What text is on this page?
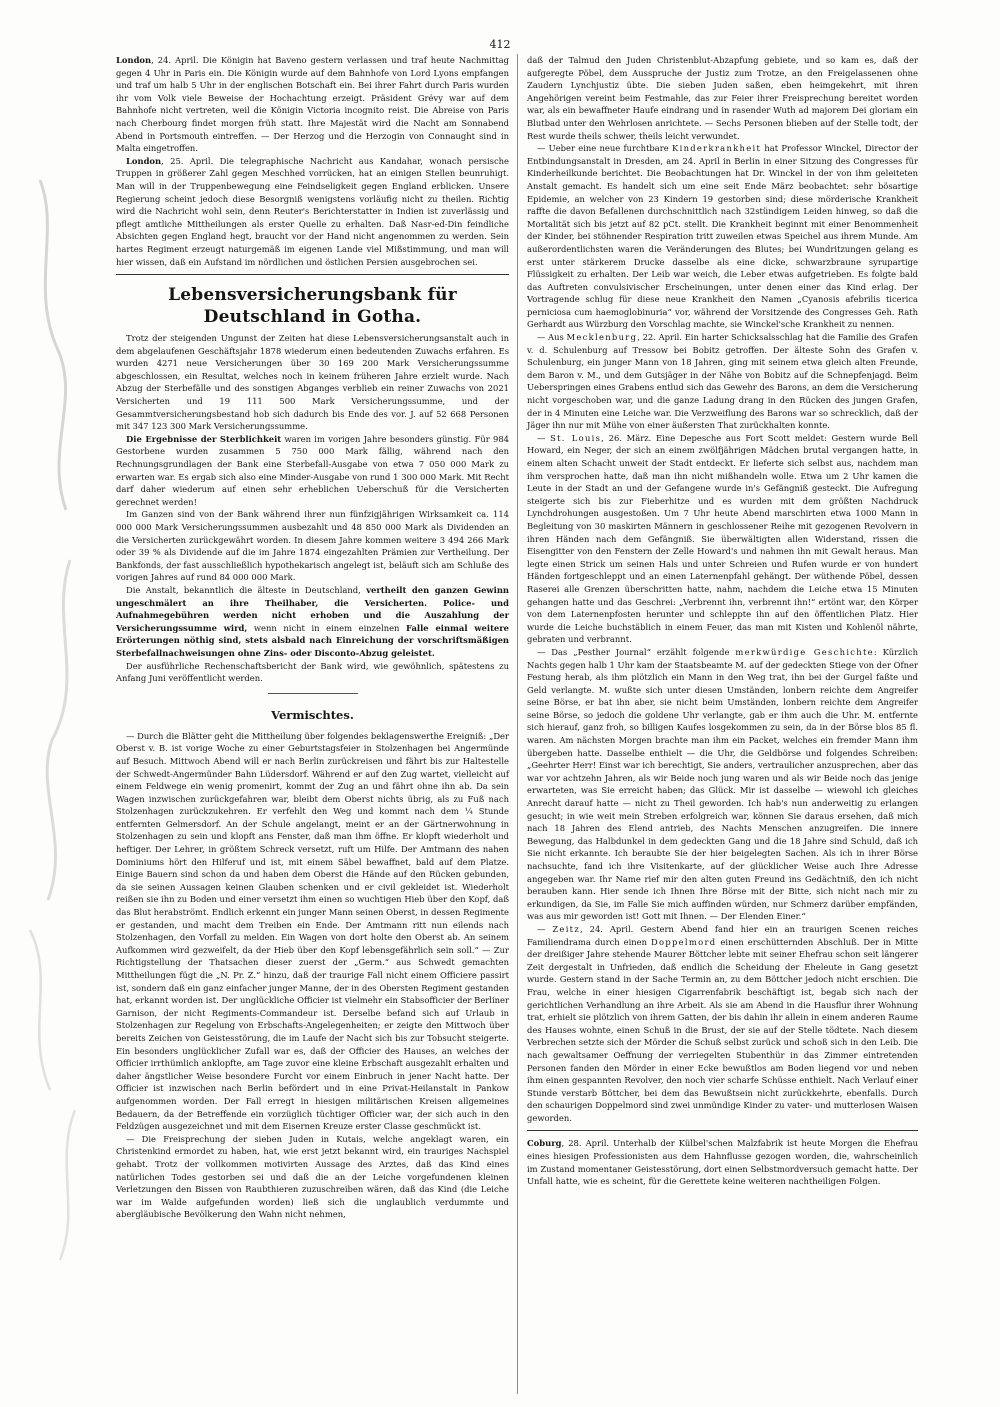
412

London, 24. April. Die Königin hat Baveno gestern verlassen und traf heute Nachmittag gegen 4 Uhr in Paris ein. Die Königin wurde auf dem Bahnhofe von Lord Lyons empfangen und traf um halb 5 Uhr in der englischen Botschaft ein. Bei ihrer Fahrt durch Paris wurden ihr vom Volk viele Beweise der Hochachtung erzeigt. Präsident Grévy war auf dem Bahnhofe nicht vertreten, weil die Königin Victoria incognito reist. Die Abreise von Paris nach Cherbourg findet morgen früh statt. Ihre Majestät wird die Nacht am Sonnabend Abend in Portsmouth eintreffen. — Der Herzog und die Herzogin von Connaught sind in Malta eingetroffen.

London, 25. April. Die telegraphische Nachricht aus Kandahar, wonach persische Truppen in größerer Zahl gegen Meschhed vorrücken, hat an einigen Stellen beunruhigt. Man will in der Truppenbewegung eine Feindseligkeit gegen England erblicken. Unsere Regierung scheint jedoch diese Besorgniß wenigstens vorläufig nicht zu theilen. Richtig wird die Nachricht wohl sein, denn Reuter's Berichterstatter in Indien ist zuverlässig und pflegt amtliche Mittheilungen als erster Quelle zu erhalten. Daß Nasr-ed-Din feindliche Absichten gegen England hegt, braucht vor der Hand nicht angenommen zu werden. Sein hartes Regiment erzeugt naturgemäß im eigenen Lande viel Mißstimmung, und man will hier wissen, daß ein Aufstand im nördlichen und östlichen Persien ausgebrochen sei.

Lebensversicherungsbank für Deutschland in Gotha.

Trotz der steigenden Ungunst der Zeiten hat diese Lebensversicherungsanstalt auch in dem abgelaufenen Geschäftsjahr 1878 wiederum einen bedeutenden Zuwachs erfahren. Es wurden 4271 neue Versicherungen über 30 169 200 Mark Versicherungssumme abgeschlossen, ein Resultat, welches noch in keinem früheren Jahre erzielt wurde. Nach Abzug der Sterbefälle und des sonstigen Abganges verblieb ein reiner Zuwachs von 2021 Versicherten und 19 111 500 Mark Versicherungssumme, und der Gesammtversicherungsbestand hob sich dadurch bis Ende des vor. J. auf 52 668 Personen mit 347 123 300 Mark Versicherungssumme.

Die Ergebnisse der Sterblichkeit waren im vorigen Jahre besonders günstig. Für 984 Gestorbene wurden zusammen 5 750 000 Mark fällig, während nach den Rechnungsgrundlagen der Bank eine Sterbefall-Ausgabe von etwa 7 050 000 Mark zu erwarten war. Es ergab sich also eine Minder-Ausgabe von rund 1 300 000 Mark. Mit Recht darf daher wiederum auf einen sehr erheblichen Ueberschuß für die Versicherten gerechnet werden!

Im Ganzen sind von der Bank während ihrer nun fünfzigjährigen Wirksamkeit ca. 114 000 000 Mark Versicherungssummen ausbezahlt und 48 850 000 Mark als Dividenden an die Versicherten zurückgewährt worden. In diesem Jahre kommen weitere 3 494 266 Mark oder 39 % als Dividende auf die im Jahre 1874 eingezahlten Prämien zur Vertheilung. Der Bankfonds, der fast ausschließlich hypothekarisch angelegt ist, beläuft sich am Schluße des vorigen Jahres auf rund 84 000 000 Mark.

Die Anstalt, bekanntlich die älteste in Deutschland, vertheilt den ganzen Gewinn ungeschmälert an ihre Theilhaber, die Versicherten. Police- und Aufnahmegebühren werden nicht erhoben und die Auszahlung der Versicherungssumme wird, wenn nicht in einem einzelnen Falle einmal weitere Erörterungen nöthig sind, stets alsbald nach Einreichung der vorschriftsmäßigen Sterbefallnachweisungen ohne Zins- oder Disconto-Abzug geleistet.

Der ausführliche Rechenschaftsbericht der Bank wird, wie gewöhnlich, spätestens zu Anfang Juni veröffentlicht werden.

Vermischtes.

— Durch die Blätter geht die Mittheilung über folgendes beklagenswerthe Ereigniß: „Der Oberst v. B. ist vorige Woche zu einer Geburtstagsfeier in Stolzenhagen bei Angermünde auf Besuch. Mittwoch Abend will er nach Berlin zurückreisen und fährt bis zur Haltestelle der Schwedt-Angermünder Bahn Lüdersdorf. Während er auf den Zug wartet, vielleicht auf einem Feldwege ein wenig promenirt, kommt der Zug an und fährt ohne ihn ab. Da sein Wagen inzwischen zurückgefahren war, bleibt dem Oberst nichts übrig, als zu Fuß nach Stolzenhagen zurückzukehren. Er verfehlt den Weg und kommt nach dem ¼ Stunde entfernten Gelmersdorf. An der Schule angelangt, meint er an der Gärtnerwohnung in Stolzenhagen zu sein und klopft ans Fenster, daß man ihm öffne. Er klopft wiederholt und heftiger. Der Lehrer, in größtem Schreck versetzt, ruft um Hilfe. Der Amtmann des nahen Dominiums hört den Hilferuf und ist, mit einem Säbel bewaffnet, bald auf dem Platze. Einige Bauern sind schon da und haben dem Oberst die Hände auf den Rücken gebunden, da sie seinen Aussagen keinen Glauben schenken und er civil gekleidet ist. Wiederholt reißen sie ihn zu Boden und einer versetzt ihm einen so wuchtigen Hieb über den Kopf, daß das Blut herabströmt. Endlich erkennt ein junger Mann seinen Oberst, in dessen Regimente er gestanden, und macht dem Treiben ein Ende. Der Amtmann ritt nun eilends nach Stolzenhagen, den Vorfall zu melden. Ein Wagen von dort holte den Oberst ab. An seinem Aufkommen wird gezweifelt, da der Hieb über den Kopf lebensgefährlich sein soll.“ — Zur Richtigstellung der Thatsachen dieser zuerst der „Germ.“ aus Schwedt gemachten Mittheilungen fügt die „N. Pr. Z.“ hinzu, daß der traurige Fall nicht einem Officiere passirt ist, sondern daß ein ganz einfacher junger Manne, der in des Obersten Regiment gestanden hat, erkannt worden ist. Der unglückliche Officier ist vielmehr ein Stabsofficier der Berliner Garnison, der nicht Regiments-Commandeur ist. Derselbe befand sich auf Urlaub in Stolzenhagen zur Regelung von Erbschafts-Angelegenheiten; er zeigte den Mittwoch über bereits Zeichen von Geistesstörung, die im Laufe der Nacht sich bis zur Tobsucht steigerte. Ein besonders unglücklicher Zufall war es, daß der Officier des Hauses, an welches der Officier irrthümlich anklopfte, am Tage zuvor eine kleine Erbschaft ausgezahlt erhalten und daher ängstlicher Weise besondere Furcht vor einem Einbruch in jener Nacht hatte. Der Officier ist inzwischen nach Berlin befördert und in eine Privat-Heilanstalt in Pankow aufgenommen worden. Der Fall erregt in hiesigen militärischen Kreisen allgemeines Bedauern, da der Betreffende ein vorzüglich tüchtiger Officier war, der sich auch in den Feldzügen ausgezeichnet und mit dem Eisernen Kreuze erster Classe geschmückt ist.

— Die Freisprechung der sieben Juden in Kutais, welche angeklagt waren, ein Christenkind ermordet zu haben, hat, wie erst jetzt bekannt wird, ein trauriges Nachspiel gehabt. Trotz der vollkommen motivirten Aussage des Arztes, daß das Kind eines natürlichen Todes gestorben sei und daß die an der Leiche vorgefundenen kleinen Verletzungen den Bissen von Raubthieren zuzuschreiben wären, daß das Kind (die Leiche war im Walde aufgefunden worden) ließ sich die unglaublich verdummte und abergläubische Bevölkerung den Wahn nicht nehmen,

daß der Talmud den Juden Christenblut-Abzapfung gebiete, und so kam es, daß der aufgeregte Pöbel, dem Ausspruche der Justiz zum Trotze, an den Freigelassenen ohne Zaudern Lynchjustiz übte. Die sieben Juden saßen, eben heimgekehrt, mit ihren Angehörigen vereint beim Festmahle, das zur Feier ihrer Freisprechung bereitet worden war, als ein bewaffneter Haufe eindrang und in rasender Wuth ad majorem Dei gloriam ein Blutbad unter den Wehrlosen anrichtete. — Sechs Personen blieben auf der Stelle todt, der Rest wurde theils schwer, theils leicht verwundet.

— Ueber eine neue furchtbare Kinderkrankheit hat Professor Winckel, Director der Entbindungsanstalt in Dresden, am 24. April in Berlin in einer Sitzung des Congresses für Kinderheilkunde berichtet. Die Beobachtungen hat Dr. Winckel in der von ihm geleiteten Anstalt gemacht. Es handelt sich um eine seit Ende März beobachtet: sehr bösartige Epidemie, an welcher von 23 Kindern 19 gestorben sind; diese mörderische Krankheit raffte die davon Befallenen durchschnittlich nach 32stündigem Leiden hinweg, so daß die Mortalität sich bis jetzt auf 82 pCt. stellt. Die Krankheit beginnt mit einer Benommenheit der Kinder, bei stöhnender Respiration tritt zuweilen etwas Speichel aus ihrem Munde. Am außerordentlichsten waren die Veränderungen des Blutes; bei Wundritzungen gelang es erst unter stärkerem Drucke dasselbe als eine dicke, schwarzbraune syrupartige Flüssigkeit zu erhalten. Der Leib war weich, die Leber etwas aufgetrieben. Es folgte bald das Auftreten convulsivischer Erscheinungen, unter denen einer das Kind erlag. Der Vortragende schlug für diese neue Krankheit den Namen „Cyanosis afebrilis ticerica perniciosa cum haemoglobinuria“ vor, während der Vorsitzende des Congresses Geh. Rath Gerhardt aus Würzburg den Vorschlag machte, sie Winckel'sche Krankheit zu nennen.

— Aus Mecklenburg, 22. April. Ein harter Schicksalsschlag hat die Familie des Grafen v. d. Schulenburg auf Tressow bei Bobitz getroffen. Der älteste Sohn des Grafen v. Schulenburg, ein junger Mann von 18 Jahren, ging mit seinem etwa gleich alten Freunde, dem Baron v. M., und dem Gutsjäger in der Nähe von Bobitz auf die Schnepfenjagd. Beim Ueberspringen eines Grabens entlud sich das Gewehr des Barons, an dem die Versicherung nicht vorgeschoben war, und die ganze Ladung drang in den Rücken des jungen Grafen, der in 4 Minuten eine Leiche war. Die Verzweiflung des Barons war so schrecklich, daß der Jäger ihn nur mit Mühe von einer äußersten That zurückhalten konnte.

— St. Louis, 26. März. Eine Depesche aus Fort Scott meldet: Gestern wurde Bell Howard, ein Neger, der sich an einem zwölfjährigen Mädchen brutal vergangen hatte, in einem alten Schacht unweit der Stadt entdeckt. Er lieferte sich selbst aus, nachdem man ihm versprochen hatte, daß man ihn nicht mißhandeln wolle. Etwa um 2 Uhr kamen die Leute in der Stadt an und der Gefangene wurde in's Gefängniß gesteckt. Die Aufregung steigerte sich bis zur Fieberhitze und es wurden mit dem größten Nachdruck Lynchdrohungen ausgestoßen. Um 7 Uhr heute Abend marschirten etwa 1000 Mann in Begleitung von 30 maskirten Männern in geschlossener Reihe mit gezogenen Revolvern in ihren Händen nach dem Gefängniß. Sie überwältigten allen Widerstand, rissen die Eisengitter von den Fenstern der Zelle Howard's und nahmen ihn mit Gewalt heraus. Man legte einen Strick um seinen Hals und unter Schreien und Rufen wurde er von hundert Händen fortgeschleppt und an einen Laternenpfahl gehängt. Der wüthende Pöbel, dessen Raserei alle Grenzen überschritten hatte, nahm, nachdem die Leiche etwa 15 Minuten gehangen hatte und das Geschrei: „Verbrennt ihn, verbrennt ihn!“ ertönt war, den Körper von dem Laternenpfosten herunter und schleppte ihn auf den öffentlichen Platz. Hier wurde die Leiche buchstäblich in einem Feuer, das man mit Kisten und Kohlenöl nährte, gebraten und verbrannt.

— Das „Pesther Journal“ erzählt folgende merkwürdige Geschichte: Kürzlich Nachts gegen halb 1 Uhr kam der Staatsbeamte M. auf der gedeckten Stiege von der Ofner Festung herab, als ihm plötzlich ein Mann in den Weg trat, ihn bei der Gurgel faßte und Geld verlangte. M. wußte sich unter diesen Umständen, lonbern reichte dem Angreifer seine Börse, er bat ihn aber, sie nicht beim Umständen, lonbern reichte dem Angreifer seine Börse, so jedoch die goldene Uhr verlangte, gab er ihm auch die Uhr. M. entfernte sich hierauf, ganz froh, so billigen Kaufes losgekommen zu sein, da in der Börse blos 85 fl. waren. Am nächsten Morgen brachte man ihm ein Packet, welches ein fremder Mann ihm übergeben hatte. Dasselbe enthielt — die Uhr, die Geldbörse und folgendes Schreiben: „Geehrter Herr! Einst war ich berechtigt, Sie anders, vertraulicher anzusprechen, aber das war vor achtzehn Jahren, als wir Beide noch jung waren und als wir Beide noch das jenige erwarteten, was Sie erreicht haben; das Glück. Mir ist dasselbe — wiewohl ich gleiches Anrecht darauf hatte — nicht zu Theil geworden. Ich hab's nun anderweitig zu erlangen gesucht; in wie weit mein Streben erfolgreich war, können Sie daraus ersehen, daß mich nach 18 Jahren des Elend antrieb, des Nachts Menschen anzugreifen. Die innere Bewegung, das Halbdunkel in dem gedeckten Gang und die 18 Jahre sind Schuld, daß ich Sie nicht erkannte. Ich beraubte Sie der hier beigelegten Sachen. Als ich in ihrer Börse nachsuchte, fand ich ihre Visitenkarte, auf der glücklicher Weise auch Ihre Adresse angegeben war. Ihr Name rief mir den alten guten Freund ins Gedächtniß, den ich nicht berauben kann. Hier sende ich Ihnen Ihre Börse mit der Bitte, sich nicht nach mir zu erkundigen, da Sie, im Falle Sie mich auffinden würden, nur Schmerz darüber empfänden, was aus mir geworden ist! Gott mit Ihnen. — Der Elenden Einer.“

— Zeitz, 24. April. Gestern Abend fand hier ein an traurigen Scenen reiches Familiendrama durch einen Doppelmord einen erschütternden Abschluß. Der in Mitte der dreißiger Jahre stehende Maurer Böttcher lebte mit seiner Ehefrau schon seit längerer Zeit dergestalt in Unfrieden, daß endlich die Scheidung der Eheleute in Gang gesetzt wurde. Gestern stand in der Sache Termin an, zu dem Böttcher jedoch nicht erschien. Die Frau, welche in einer hiesigen Cigarrenfabrik beschäftigt ist, begab sich nach der gerichtlichen Verhandlung an ihre Arbeit. Als sie am Abend in die Hausflur ihrer Wohnung trat, erhielt sie plötzlich von ihrem Gatten, der bis dahin ihr allein in einem anderen Raume des Hauses wohnte, einen Schuß in die Brust, der sie auf der Stelle tödtete. Nach diesem Verbrechen setzte sich der Mörder die Schuß selbst zurück und schoß sich in den Leib. Die nach gewaltsamer Oeffnung der verriegelten Stubenthür in das Zimmer eintretenden Personen fanden den Mörder in einer Ecke bewußtlos am Boden liegend vor und neben ihm einen gespannten Revolver, den noch vier scharfe Schüsse enthielt. Nach Verlauf einer Stunde verstarb Böttcher, bei dem das Bewußtsein nicht zurückkehrte, ebenfalls. Durch den schaurigen Doppelmord sind zwei unmündige Kinder zu vater- und mutterlosen Waisen geworden.

Coburg, 28. April. Unterhalb der Külbel'schen Malzfabrik ist heute Morgen die Ehefrau eines hiesigen Professionisten aus dem Hahnflusse gezogen worden, die, wahrscheinlich im Zustand momentaner Geistesstörung, dort einen Selbstmordversuch gemacht hatte. Der Unfall hatte, wie es scheint, für die Gerettete keine weiteren nachtheiligen Folgen.
